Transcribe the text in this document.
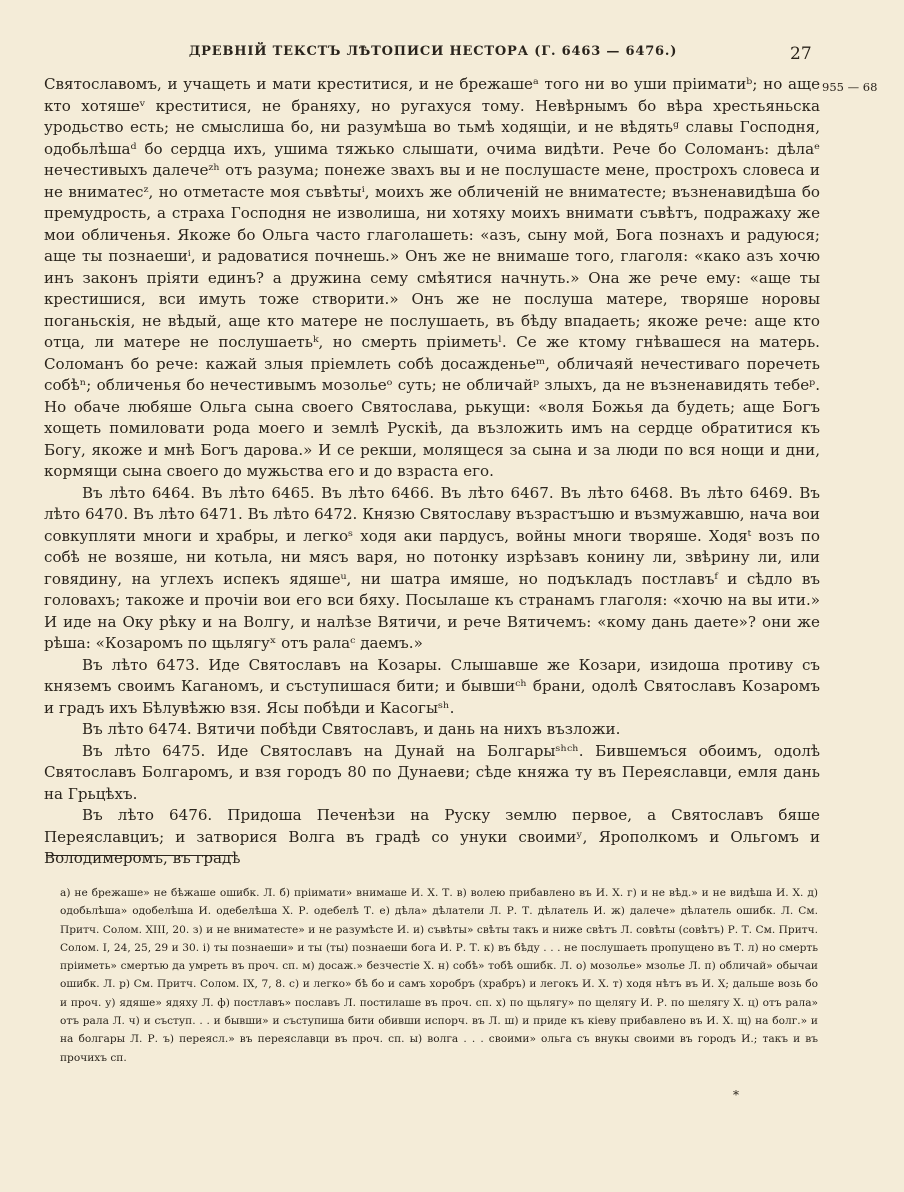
ДРЕВНІЙ ТЕКСТЪ ЛѢТОПИСИ НЕСТОРА (Г. 6463 — 6476.)	27
955 — 68

Святославомъ, и учащеть и мати креститися, и не брежашеᵃ того ни во уши пріиматиᵇ; но аще кто хотяшеᵛ креститися, не браняху, но ругахуся тому. Невѣрнымъ бо вѣра хрестьяньска уродьство есть; не смыслиша бо, ни разумѣша во тьмѣ ходящіи, и не вѣдятьᵍ славы Господня, одобьлѣшаᵈ бо сердца ихъ, ушима тяжько слышати, очима видѣти. Рече бо Соломанъ: дѣлаᵉ нечестивыхъ далечеᶻʰ отъ разума; понеже звахъ вы и не послушасте мене, прострохъ словеса и не вниматесᶻ, но отметасте моя съвѣтыⁱ, моихъ же обличеній не вниматесте; възненавидѣша бо премудрость, а страха Господня не изволиша, ни хотяху моихъ внимати съвѣтъ, подражаху же мои обличенья. Якоже бо Ольга часто глаголашеть: «азъ, сыну мой, Бога познахъ и радуюся; аще ты познаешиⁱ, и радоватися почнешь.» Онъ же не внимаше того, глаголя: «како азъ хочю инъ законъ пріяти единъ? а дружина сему смѣятися начнуть.» Она же рече ему: «аще ты крестишися, вси имуть тоже створити.» Онъ же не послуша матере, творяше норовы поганьскія, не вѣдый, аще кто матере не послушаеть, въ бѣду впадаеть; якоже рече: аще кто отца, ли матере не послушаетьᵏ, но смерть пріиметьˡ. Се же ктому гнѣвашеся на матерь. Соломанъ бо рече: кажай злыя пріемлеть собѣ досажденьеᵐ, обличаяй нечестиваго поречеть собѣⁿ; обличенья бо нечестивымъ мозольеᵒ суть; не обличайᵖ злыхъ, да не възненавидять тебеᵖ. Но обаче любяше Ольга сына своего Святослава, рькущи: «воля Божья да будеть; аще Богъ хощеть помиловати рода моего и землѣ Рускіѣ, да възложить имъ на сердце обратитися къ Богу, якоже и мнѣ Богъ дарова.» И се рекши, молящеся за сына и за люди по вся нощи и дни, кормящи сына своего до мужьства его и до взраста его.

Въ лѣто 6464. Въ лѣто 6465. Въ лѣто 6466. Въ лѣто 6467. Въ лѣто 6468. Въ лѣто 6469. Въ лѣто 6470. Въ лѣто 6471. Въ лѣто 6472. Князю Святославу възрастъшю и възмужавшю, нача вои совкупляти многи и храбры, и легкоˢ ходя аки пардусъ, войны многи творяше. Ходяᵗ возъ по собѣ не возяше, ни котьла, ни мясъ варя, но потонку изрѣзавъ конину ли, звѣрину ли, или говядину, на углехъ испекъ ядяшеᵘ, ни шатра имяше, но подъкладъ постлавъᶠ и сѣдло въ головахъ; такоже и прочіи вои его вси бяху. Посылаше къ странамъ глаголя: «хочю на вы ити.» И иде на Оку рѣку и на Волгу, и налѣзе Вятичи, и рече Вятичемъ: «кому дань даете»? они же рѣша: «Козаромъ по щьлягуˣ отъ ралаᶜ даемъ.»

Въ лѣто 6473. Иде Святославъ на Козары. Слышавше же Козари, изидоша противу съ княземъ своимъ Каганомъ, и съступишася бити; и бывшиᶜʰ брани, одолѣ Святославъ Козаромъ и градъ ихъ Бѣлувѣжю взя. Ясы побѣди и Касогыˢʰ.

Въ лѣто 6474. Вятичи побѣди Святославъ, и дань на нихъ възложи.

Въ лѣто 6475. Иде Святославъ на Дунай на Болгарыˢʰᶜʰ. Бившемъся обоимъ, одолѣ Святославъ Болгаромъ, и взя городъ 80 по Дунаеви; сѣде княжа ту въ Переяславци, емля дань на Грьцѣхъ.

Въ лѣто 6476. Придоша Печенѣзи на Руску землю первое, а Святославъ бяше Переяславциъ; и затворися Волга въ градѣ со унуки своимиʸ, Ярополкомъ и Ольгомъ и Володимеромъ, въ градѣ

а) не брежаше» не бѣжаше ошибк. Л. б) пріимати» внимаше И. Х. Т. в) волею прибавлено въ И. Х. г) и не вѣд.» и не видѣша И. Х. д) одобьлѣша» одобелѣша И. одебелѣша Х. Р. одебелѣ Т. е) дѣла» дѣлатели Л. Р. Т. дѣлатель И. ж) далече» дѣлатель ошибк. Л. См. Притч. Солом. XIII, 20. з) и не вниматесте» и не разумѣсте И. и) съвѣты» свѣты такъ и ниже свѣтъ Л. совѣты (совѣтъ) Р. Т. См. Притч. Солом. I, 24, 25, 29 и 30. і) ты познаеши» и ты (ты) познаеши бога И. Р. Т. к) въ бѣду . . . не послушаеть пропущено въ Т. л) но смерть пріиметь» смертью да умреть въ проч. сп. м) досаж.» безчестіе Х. н) собѣ» тобѣ ошибк. Л. о) мозолье» мзолье Л. п) обличай» обычаи ошибк. Л. р) См. Притч. Солом. IX, 7, 8. с) и легко» бѣ бо и самъ хоробръ (храбръ) и легокъ И. Х. т) ходя нѣтъ въ И. Х; дальше возь бо и проч. у) ядяше» ядяху Л. ф) постлавъ» пославъ Л. постилаше въ проч. сп. х) по щьлягу» по щелягу И. Р. по шелягу Х. ц) отъ рала» отъ рала Л. ч) и съступ. . . и бывши» и съступиша бити обивши испорч. въ Л. ш) и приде къ кіеву прибавлено въ И. Х. щ) на болг.» и на болгары Л. Р. ъ) переясл.» въ переяславци въ проч. сп. ы) волга . . . своими» ольга съ внукы своими въ городъ И.; такъ и въ прочихъ сп.

*
